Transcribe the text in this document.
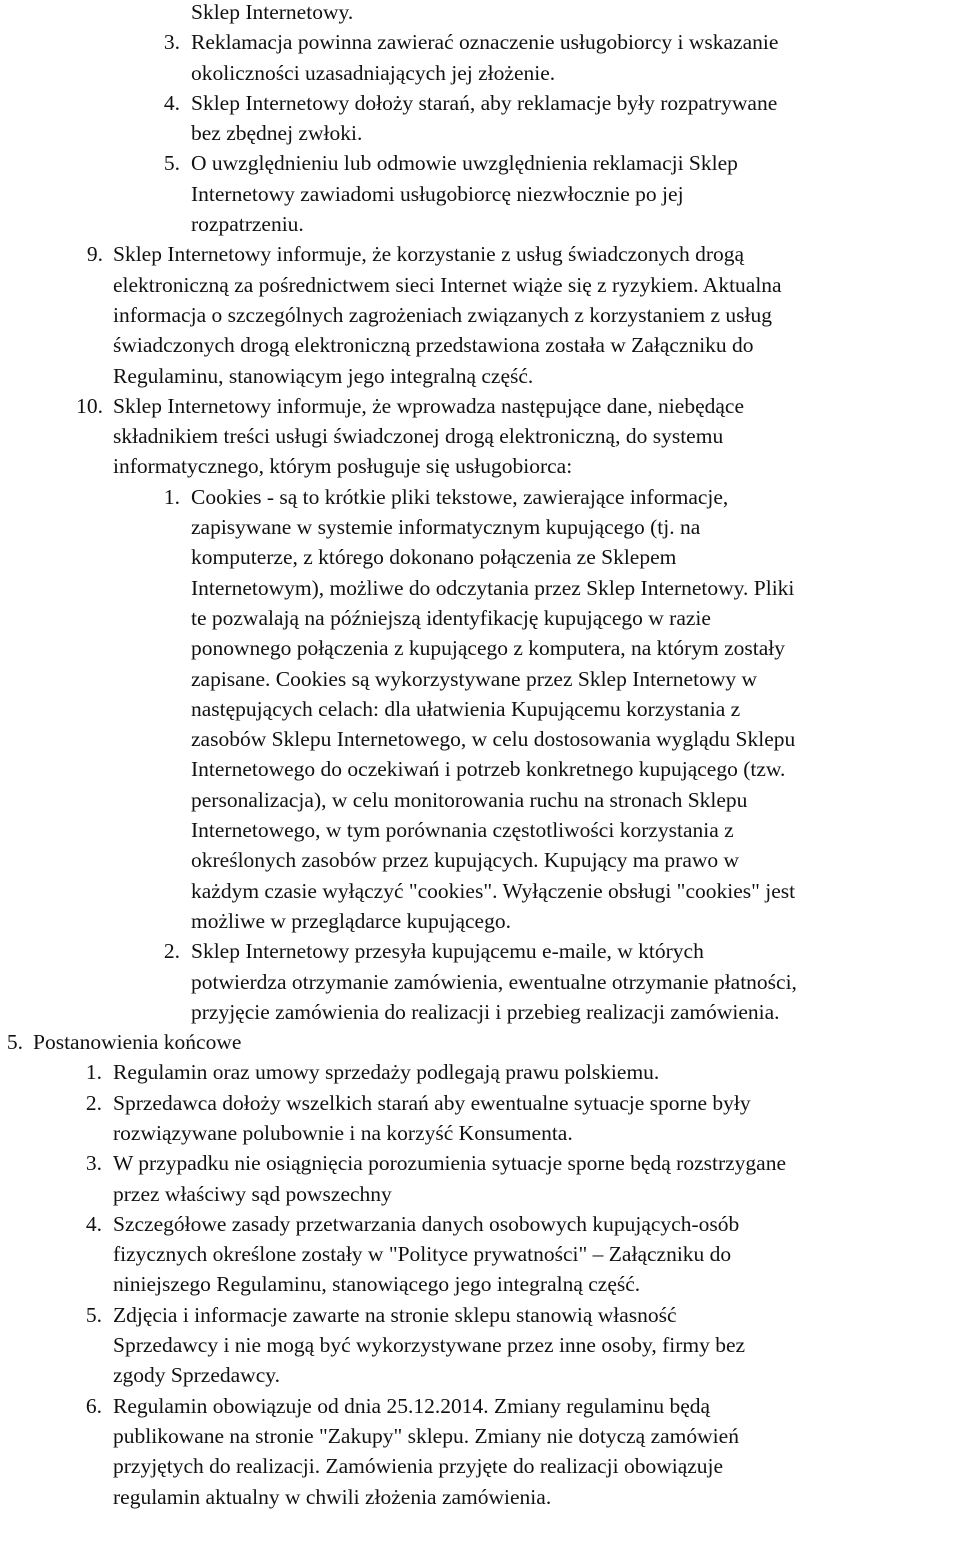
Sklep Internetowy.
3. Reklamacja powinna zawierać oznaczenie usługobiorcy i wskazanie
okoliczności uzasadniających jej złożenie.
4. Sklep Internetowy dołoży starań, aby reklamacje były rozpatrywane
bez zbędnej zwłoki.
5. O uwzględnieniu lub odmowie uwzględnienia reklamacji Sklep
Internetowy zawiadomi usługobiorcę niezwłocznie po jej
rozpatrzeniu.
9. Sklep Internetowy informuje, że korzystanie z usług świadczonych drogą
elektroniczną za pośrednictwem sieci Internet wiąże się z ryzykiem. Aktualna
informacja o szczególnych zagrożeniach związanych z korzystaniem z usług
świadczonych drogą elektroniczną przedstawiona została w Załączniku do
Regulaminu, stanowiącym jego integralną część.
10. Sklep Internetowy informuje, że wprowadza następujące dane, niebędące
składnikiem treści usługi świadczonej drogą elektroniczną, do systemu
informatycznego, którym posługuje się usługobiorca:
1. Cookies - są to krótkie pliki tekstowe, zawierające informacje,
zapisywane w systemie informatycznym kupującego (tj. na
komputerze, z którego dokonano połączenia ze Sklepem
Internetowym), możliwe do odczytania przez Sklep Internetowy. Pliki
te pozwalają na późniejszą identyfikację kupującego w razie
ponownego połączenia z kupującego z komputera, na którym zostały
zapisane. Cookies są wykorzystywane przez Sklep Internetowy w
następujących celach: dla ułatwienia Kupującemu korzystania z
zasobów Sklepu Internetowego, w celu dostosowania wyglądu Sklepu
Internetowego do oczekiwań i potrzeb konkretnego kupującego (tzw.
personalizacja), w celu monitorowania ruchu na stronach Sklepu
Internetowego, w tym porównania częstotliwości korzystania z
określonych zasobów przez kupujących. Kupujący ma prawo w
każdym czasie wyłączyć "cookies". Wyłączenie obsługi "cookies" jest
możliwe w przeglądarce kupującego.
2. Sklep Internetowy przesyła kupującemu e-maile, w których
potwierdza otrzymanie zamówienia, ewentualne otrzymanie płatności,
przyjęcie zamówienia do realizacji i przebieg realizacji zamówienia.
5. Postanowienia końcowe
1. Regulamin oraz umowy sprzedaży podlegają prawu polskiemu.
2. Sprzedawca dołoży wszelkich starań aby ewentualne sytuacje sporne były
rozwiązywane polubownie i na korzyść Konsumenta.
3. W przypadku nie osiągnięcia porozumienia sytuacje sporne będą rozstrzygane
przez właściwy sąd powszechny
4. Szczegółowe zasady przetwarzania danych osobowych kupujących-osób
fizycznych określone zostały w "Polityce prywatności" – Załączniku do
niniejszego Regulaminu, stanowiącego jego integralną część.
5. Zdjęcia i informacje zawarte na stronie sklepu stanowią własność
Sprzedawcy i nie mogą być wykorzystywane przez inne osoby, firmy bez
zgody Sprzedawcy.
6. Regulamin obowiązuje od dnia 25.12.2014. Zmiany regulaminu będą
publikowane na stronie "Zakupy" sklepu. Zmiany nie dotyczą zamówień
przyjętych do realizacji. Zamówienia przyjęte do realizacji obowiązuje
regulamin aktualny w chwili złożenia zamówienia.
